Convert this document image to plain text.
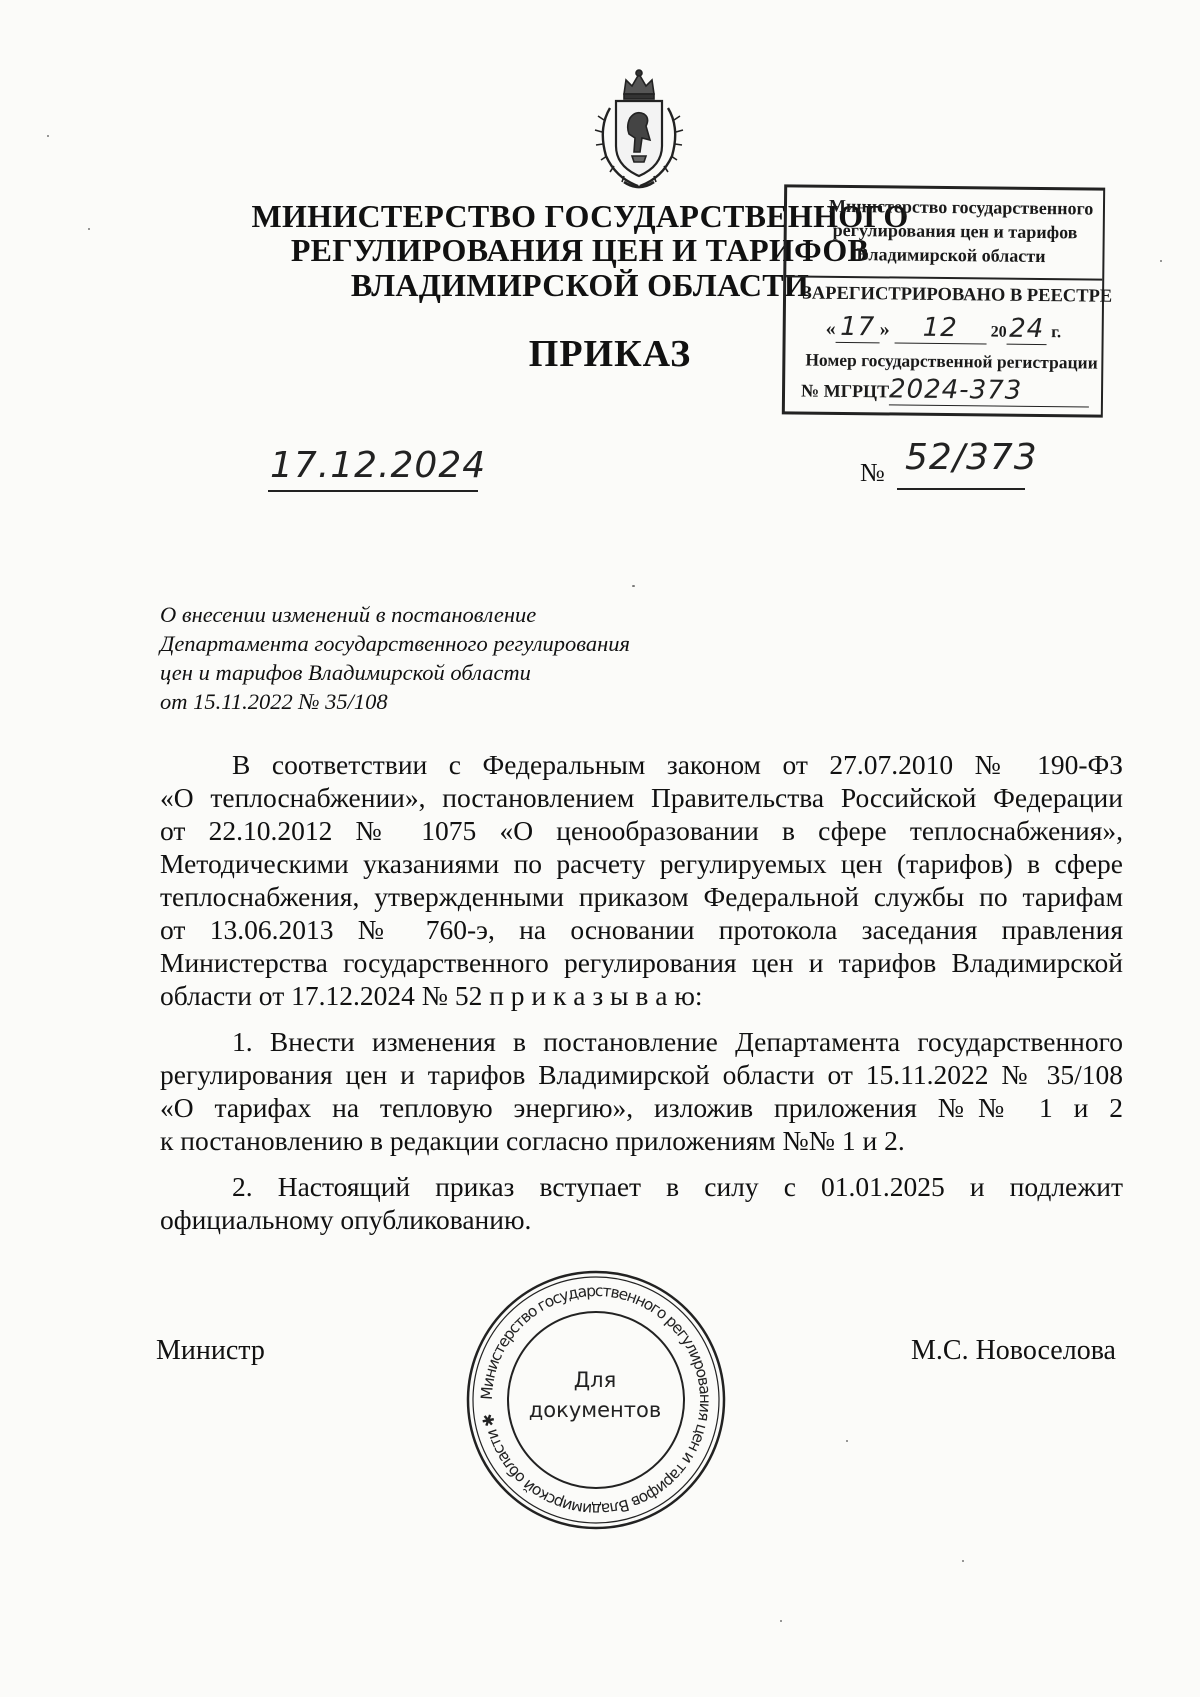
МИНИСТЕРСТВО ГОСУДАРСТВЕННОГО
РЕГУЛИРОВАНИЯ ЦЕН И ТАРИФОВ
ВЛАДИМИРСКОЙ ОБЛАСТИ
ПРИКАЗ
Министерство государственного
регулирования цен и тарифов
Владимирской области
ЗАРЕГИСТРИРОВАНО В РЕЕСТРЕ
« 17 » 12 2024 г.
Номер государственной регистрации
№ МГРЦТ2024-373
17.12.2024	№ 52/373
О внесении изменений в постановление
Департамента государственного регулирования
цен и тарифов Владимирской области
от 15.11.2022 № 35/108
В соответствии с Федеральным законом от 27.07.2010 № 190-ФЗ
«О теплоснабжении», постановлением Правительства Российской Федерации
от 22.10.2012 № 1075 «О ценообразовании в сфере теплоснабжения»,
Методическими указаниями по расчету регулируемых цен (тарифов) в сфере
теплоснабжения, утвержденными приказом Федеральной службы по тарифам
от 13.06.2013 № 760-э, на основании протокола заседания правления
Министерства государственного регулирования цен и тарифов Владимирской
области от 17.12.2024 № 52 п р и к а з ы в а ю:
1. Внести изменения в постановление Департамента государственного
регулирования цен и тарифов Владимирской области от 15.11.2022 № 35/108
«О тарифах на тепловую энергию», изложив приложения №№ 1 и 2
к постановлению в редакции согласно приложениям №№ 1 и 2.
2. Настоящий приказ вступает в силу с 01.01.2025 и подлежит
официальному опубликованию.
Министр	М.С. Новоселова
Министерство государственного регулирования цен и тарифов Владимирской области ✱
Для
документов
